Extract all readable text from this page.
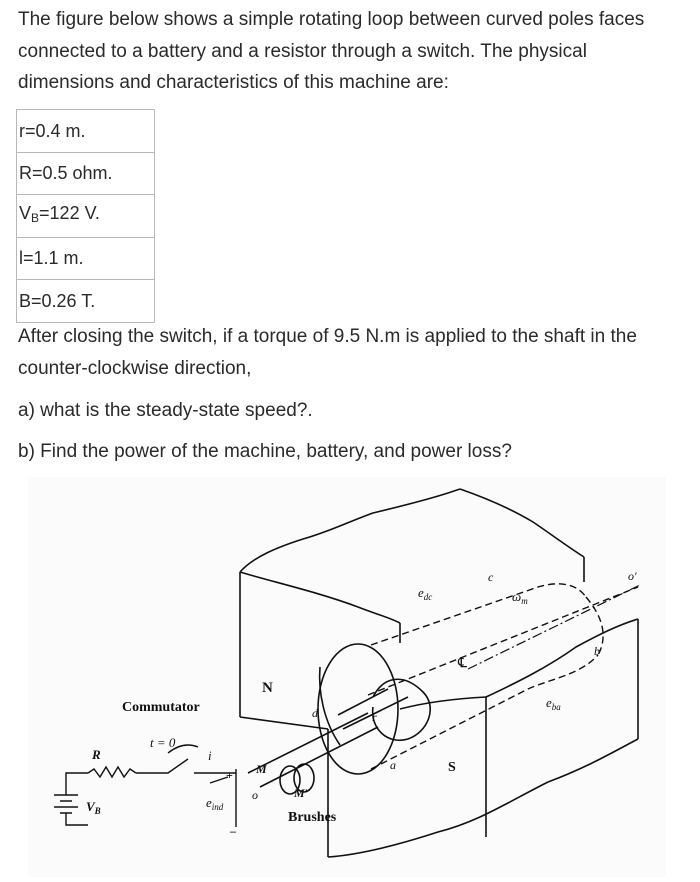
The figure below shows a simple rotating loop between curved poles faces connected to a battery and a resistor through a switch. The physical dimensions and characteristics of this machine are:
r=0.4 m.
R=0.5 ohm.
$V_B=122$ V.
l=1.1 m.
B=0.26 T.
After closing the switch, if a torque of 9.5 N.m is applied to the shaft in the counter-clockwise direction,
a) what is the steady-state speed?.
b) Find the power of the machine, battery, and power loss?
Commutator
Brushes
N
S
t = 0
R
$V_B$
i
$e_{ind}$
+
–
o
o′
M
M′
a
b
c
d	r
$\omega_m$
$e_{dc}$
$e_{ba}$
℄
